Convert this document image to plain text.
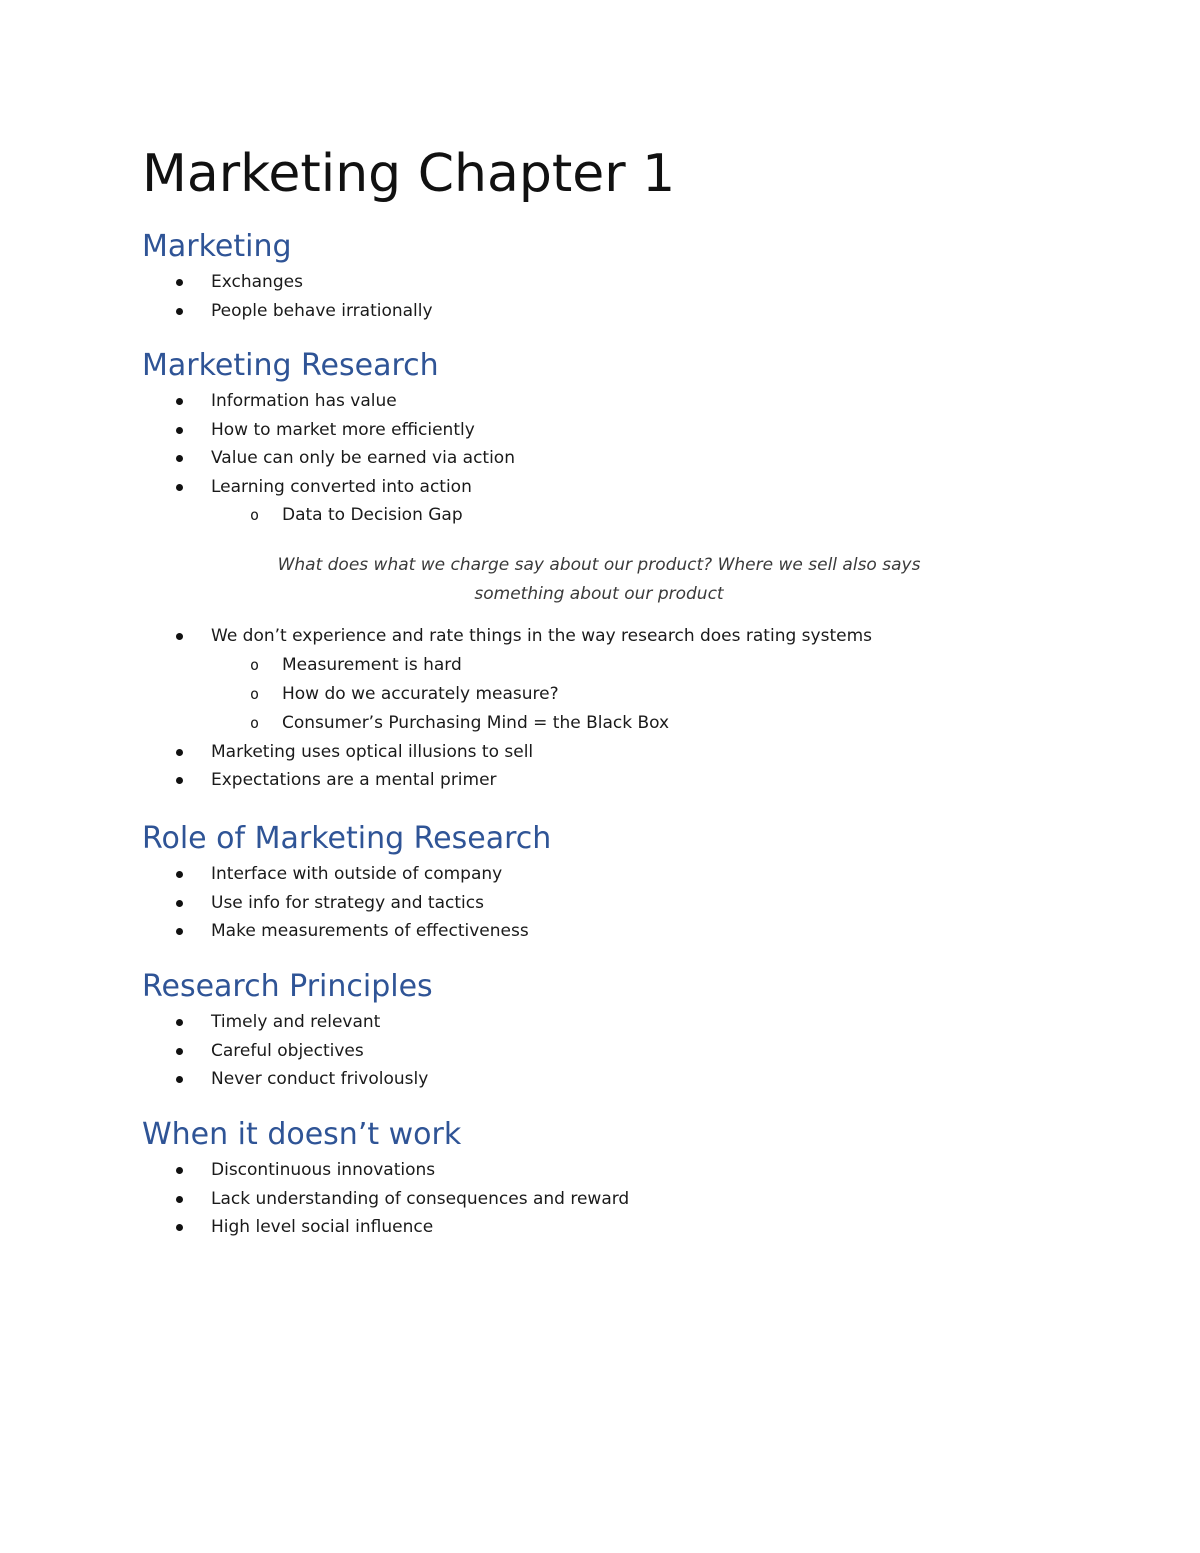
Marketing Chapter 1
Marketing
Exchanges
People behave irrationally
Marketing Research
Information has value
How to market more efficiently
Value can only be earned via action
Learning converted into action
o Data to Decision Gap
What does what we charge say about our product? Where we sell also says
something about our product
We don’t experience and rate things in the way research does rating systems
o Measurement is hard
o How do we accurately measure?
o Consumer’s Purchasing Mind = the Black Box
Marketing uses optical illusions to sell
Expectations are a mental primer
Role of Marketing Research
Interface with outside of company
Use info for strategy and tactics
Make measurements of effectiveness
Research Principles
Timely and relevant
Careful objectives
Never conduct frivolously
When it doesn’t work
Discontinuous innovations
Lack understanding of consequences and reward
High level social influence
